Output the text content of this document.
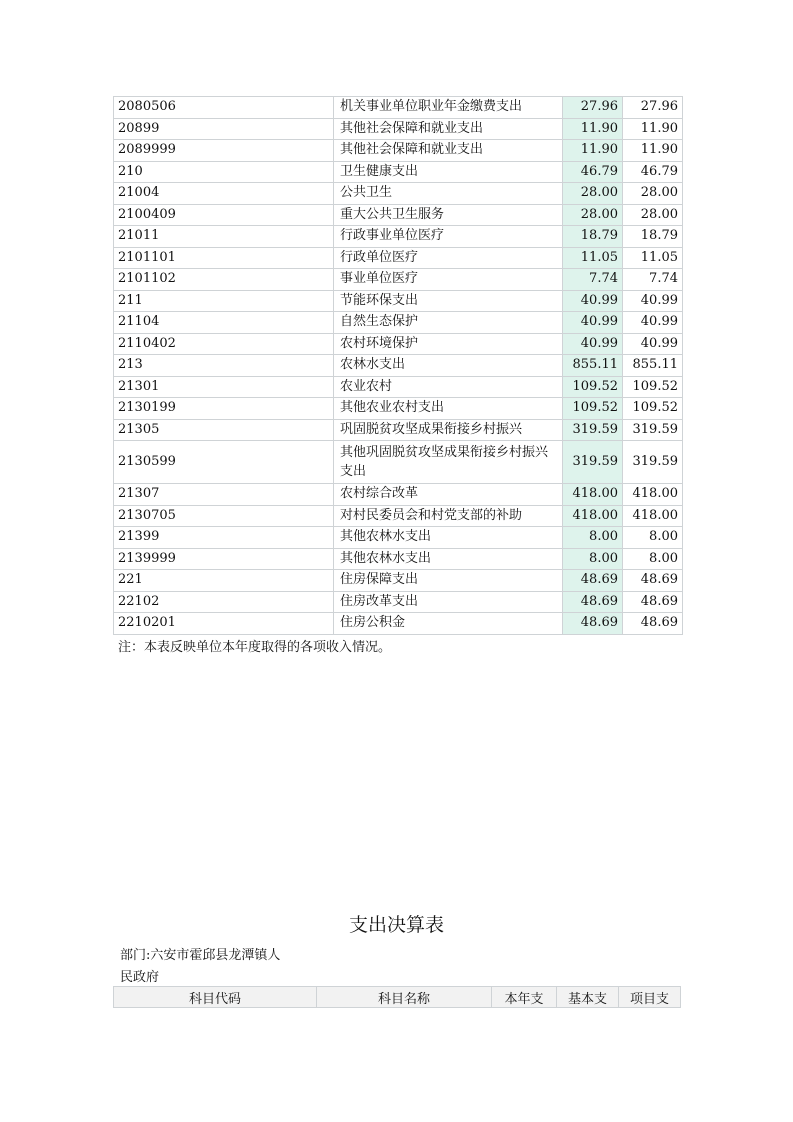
2080506	机关事业单位职业年金缴费支出	27.96	27.96
20899	其他社会保障和就业支出	11.90	11.90
2089999	其他社会保障和就业支出	11.90	11.90
210	卫生健康支出	46.79	46.79
21004	公共卫生	28.00	28.00
2100409	重大公共卫生服务	28.00	28.00
21011	行政事业单位医疗	18.79	18.79
2101101	行政单位医疗	11.05	11.05
2101102	事业单位医疗	7.74	7.74
211	节能环保支出	40.99	40.99
21104	自然生态保护	40.99	40.99
2110402	农村环境保护	40.99	40.99
213	农林水支出	855.11	855.11
21301	农业农村	109.52	109.52
2130199	其他农业农村支出	109.52	109.52
21305	巩固脱贫攻坚成果衔接乡村振兴	319.59	319.59
2130599	其他巩固脱贫攻坚成果衔接乡村振兴支出	319.59	319.59
21307	农村综合改革	418.00	418.00
2130705	对村民委员会和村党支部的补助	418.00	418.00
21399	其他农林水支出	8.00	8.00
2139999	其他农林水支出	8.00	8.00
221	住房保障支出	48.69	48.69
22102	住房改革支出	48.69	48.69
2210201	住房公积金	48.69	48.69
注：本表反映单位本年度取得的各项收入情况。
支出决算表
部门:六安市霍邱县龙潭镇人民政府
科目代码	科目名称	本年支	基本支	项目支
